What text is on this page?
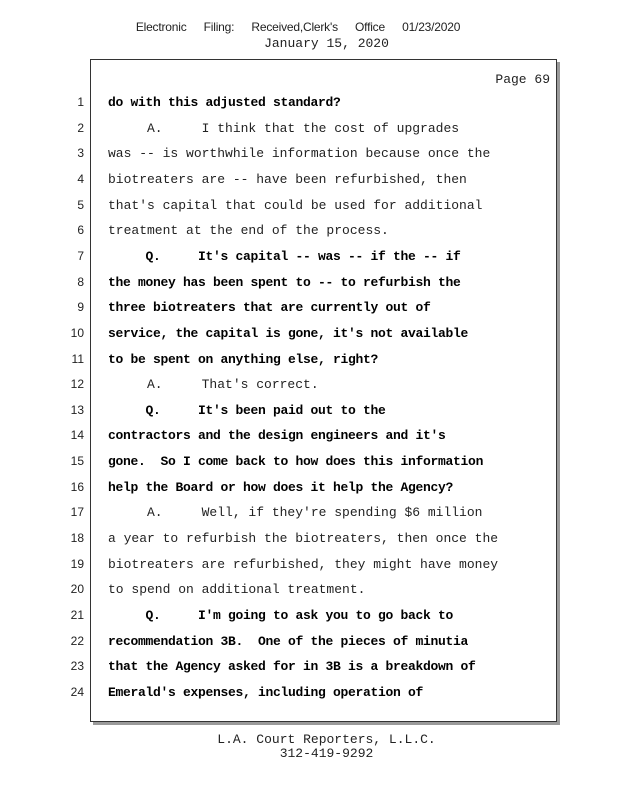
Electronic Filing: Received,Clerk's Office 01/23/2020
January 15, 2020
Page 69
1 do with this adjusted standard?
2 A.     I think that the cost of upgrades
3 was -- is worthwhile information because once the
4 biotreaters are -- have been refurbished, then
5 that's capital that could be used for additional
6 treatment at the end of the process.
7 Q.     It's capital -- was -- if the -- if
8 the money has been spent to -- to refurbish the
9 three biotreaters that are currently out of
10 service, the capital is gone, it's not available
11 to be spent on anything else, right?
12 A.     That's correct.
13 Q.     It's been paid out to the
14 contractors and the design engineers and it's
15 gone.  So I come back to how does this information
16 help the Board or how does it help the Agency?
17 A.     Well, if they're spending $6 million
18 a year to refurbish the biotreaters, then once the
19 biotreaters are refurbished, they might have money
20 to spend on additional treatment.
21 Q.     I'm going to ask you to go back to
22 recommendation 3B.  One of the pieces of minutia
23 that the Agency asked for in 3B is a breakdown of
24 Emerald's expenses, including operation of
L.A. Court Reporters, L.L.C.
312-419-9292
